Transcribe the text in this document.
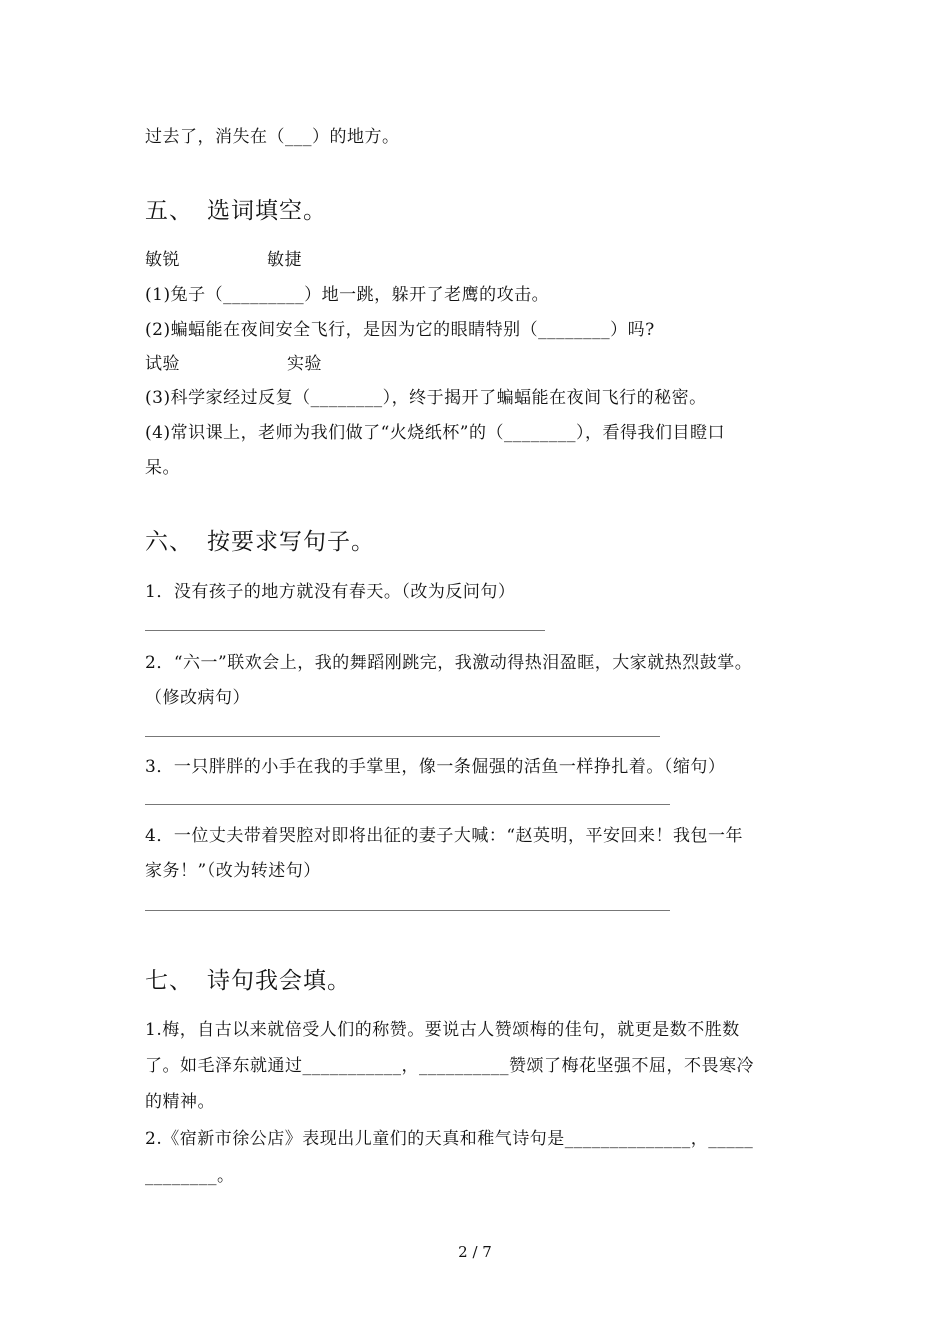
过去了，消失在（___）的地方。
五、 选词填空。
敏锐	敏捷
(1)兔子（_________）地一跳，躲开了老鹰的攻击。
(2)蝙蝠能在夜间安全飞行，是因为它的眼睛特别（________）吗?
试验	实验
(3)科学家经过反复（________），终于揭开了蝙蝠能在夜间飞行的秘密。
(4)常识课上，老师为我们做了“火烧纸杯”的（________），看得我们目瞪口
呆。
六、 按要求写句子。
1．没有孩子的地方就没有春天。（改为反问句）
2．“六一”联欢会上，我的舞蹈刚跳完，我激动得热泪盈眶，大家就热烈鼓掌。
（修改病句）
3．一只胖胖的小手在我的手掌里，像一条倔强的活鱼一样挣扎着。（缩句）
4．一位丈夫带着哭腔对即将出征的妻子大喊：“赵英明，平安回来！我包一年
家务！”（改为转述句）
七、 诗句我会填。
1.梅，自古以来就倍受人们的称赞。要说古人赞颂梅的佳句，就更是数不胜数
了。如毛泽东就通过___________，__________赞颂了梅花坚强不屈，不畏寒冷
的精神。
2.《宿新市徐公店》表现出儿童们的天真和稚气诗句是______________，_____
________。
2 / 7
